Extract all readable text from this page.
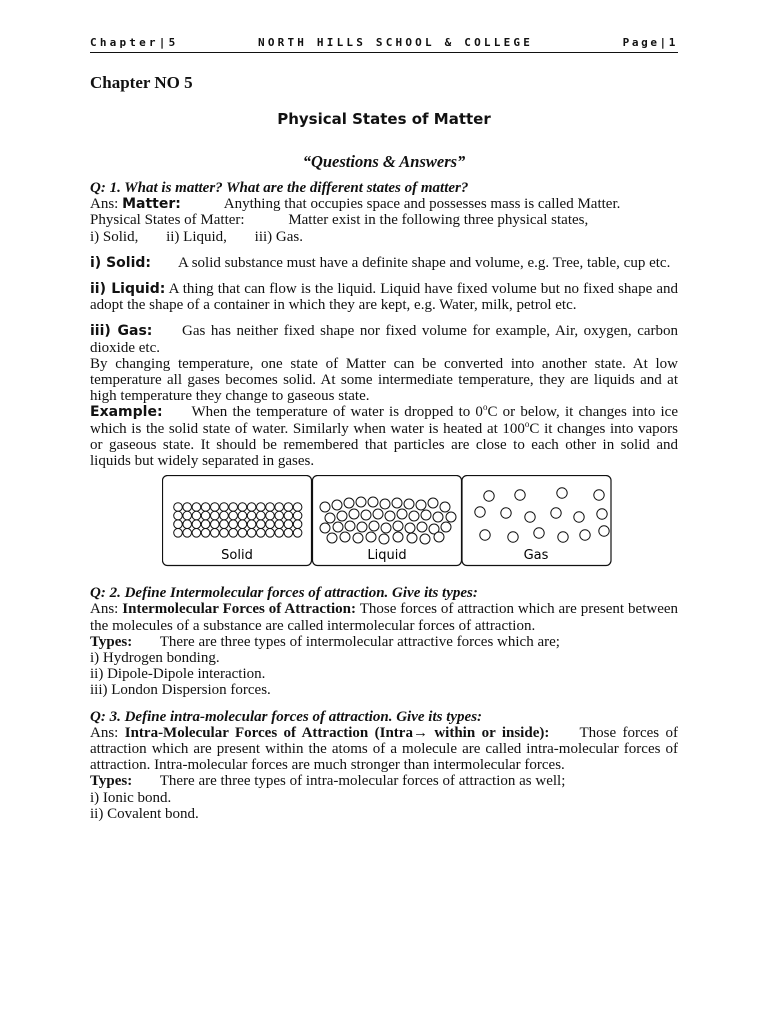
Chapter|5	NORTH HILLS SCHOOL & COLLEGE	Page|1
Chapter NO 5
Physical States of Matter
“Questions & Answers”

Q: 1. What is matter? What are the different states of matter?

Ans: Matter:	Anything that occupies space and possesses mass is called Matter.

Physical States of Matter:	Matter exist in the following three physical states,

i) Solid, ii) Liquid, iii) Gas.

i) Solid: A solid substance must have a definite shape and volume, e.g. Tree, table, cup etc.

ii) Liquid: A thing that can flow is the liquid. Liquid have fixed volume but no fixed shape and adopt the shape of a container in which they are kept, e.g. Water, milk, petrol etc.

iii) Gas: Gas has neither fixed shape nor fixed volume for example, Air, oxygen, carbon dioxide etc.

By changing temperature, one state of Matter can be converted into another state. At low temperature all gases becomes solid. At some intermediate temperature, they are liquids and at high temperature they change to gaseous state.

Example: When the temperature of water is dropped to 0$^o$C or below, it changes into ice which is the solid state of water. Similarly when water is heated at 100$^o$C it changes into vapors or gaseous state. It should be remembered that particles are close to each other in solid and liquids but widely separated in gases.

Solid	Liquid	Gas

Q: 2. Define Intermolecular forces of attraction. Give its types:

Ans: Intermolecular Forces of Attraction: Those forces of attraction which are present between the molecules of a substance are called intermolecular forces of attraction.

Types: There are three types of intermolecular attractive forces which are;

i) Hydrogen bonding.

ii) Dipole-Dipole interaction.

iii) London Dispersion forces.

Q: 3. Define intra-molecular forces of attraction. Give its types:

Ans: Intra-Molecular Forces of Attraction (Intra→ within or inside): Those forces of attraction which are present within the atoms of a molecule are called intra-molecular forces of attraction. Intra-molecular forces are much stronger than intermolecular forces.

Types: There are three types of intra-molecular forces of attraction as well;

i) Ionic bond.

ii) Covalent bond.
